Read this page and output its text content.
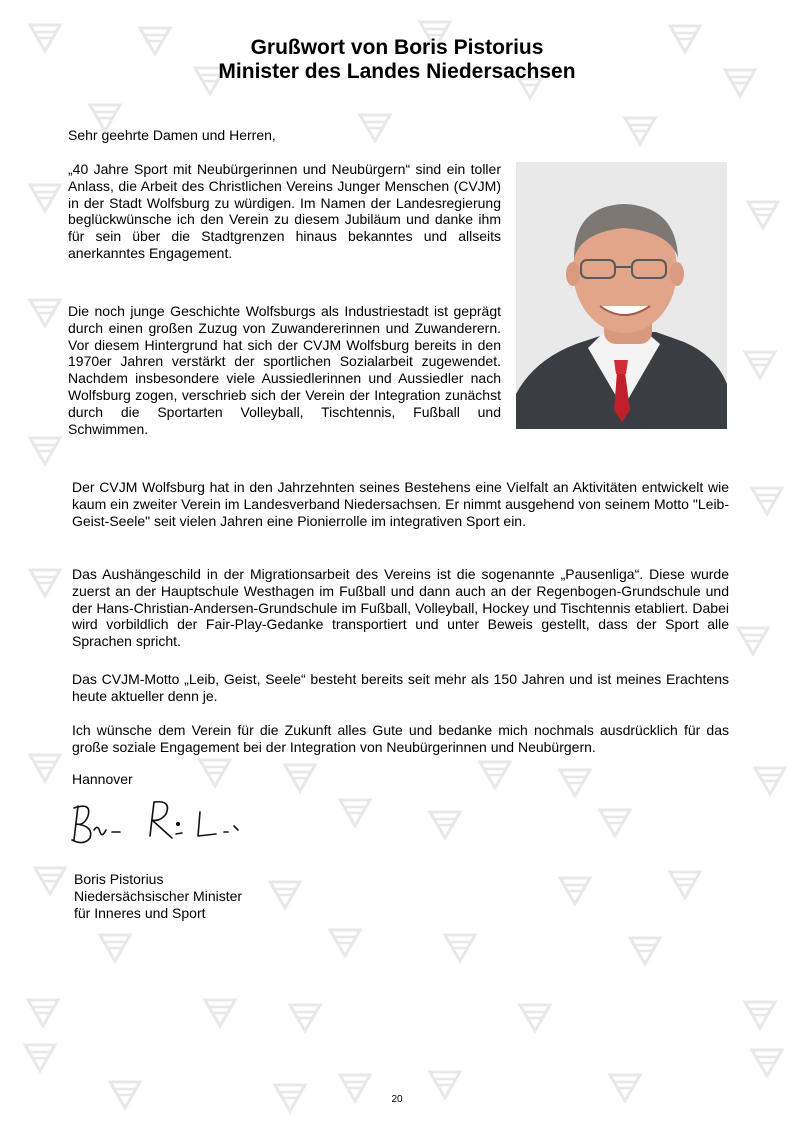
Grußwort von Boris Pistorius
Minister des Landes Niedersachsen
Sehr geehrte Damen und Herren,

„40 Jahre Sport mit Neubürgerinnen und Neubürgern“ sind ein toller Anlass, die Arbeit des Christlichen Vereins Junger Menschen (CVJM) in der Stadt Wolfsburg zu würdigen. Im Namen der Landesregierung beglückwünsche ich den Verein zu diesem Jubiläum und danke ihm für sein über die Stadtgrenzen hinaus bekanntes und allseits anerkanntes Engagement.

Die noch junge Geschichte Wolfsburgs als Industriestadt ist geprägt durch einen großen Zuzug von Zuwandererinnen und Zuwanderern. Vor diesem Hintergrund hat sich der CVJM Wolfsburg bereits in den 1970er Jahren verstärkt der sportlichen Sozialarbeit zugewendet. Nachdem insbesondere viele Aussiedlerinnen und Aussiedler nach Wolfsburg zogen, verschrieb sich der Verein der Integration zunächst durch die Sportarten Volleyball, Tischtennis, Fußball und Schwimmen.

Der CVJM Wolfsburg hat in den Jahrzehnten seines Bestehens eine Vielfalt an Aktivitäten entwickelt wie kaum ein zweiter Verein im Landesverband Niedersachsen. Er nimmt ausgehend von seinem Motto "Leib-Geist-Seele" seit vielen Jahren eine Pionierrolle im integrativen Sport ein.

Das Aushängeschild in der Migrationsarbeit des Vereins ist die sogenannte „Pausenliga“. Diese wurde zuerst an der Hauptschule Westhagen im Fußball und dann auch an der Regenbogen-Grundschule und der Hans-Christian-Andersen-Grundschule im Fußball, Volleyball, Hockey und Tischtennis etabliert. Dabei wird vorbildlich der Fair-Play-Gedanke transportiert und unter Beweis gestellt, dass der Sport alle Sprachen spricht.

Das CVJM-Motto „Leib, Geist, Seele“ besteht bereits seit mehr als 150 Jahren und ist meines Erachtens heute aktueller denn je.

Ich wünsche dem Verein für die Zukunft alles Gute und bedanke mich nochmals ausdrücklich für das große soziale Engagement bei der Integration von Neubürgerinnen und Neubürgern.

Hannover
Boris Pistorius
Niedersächsischer Minister
für Inneres und Sport
20
